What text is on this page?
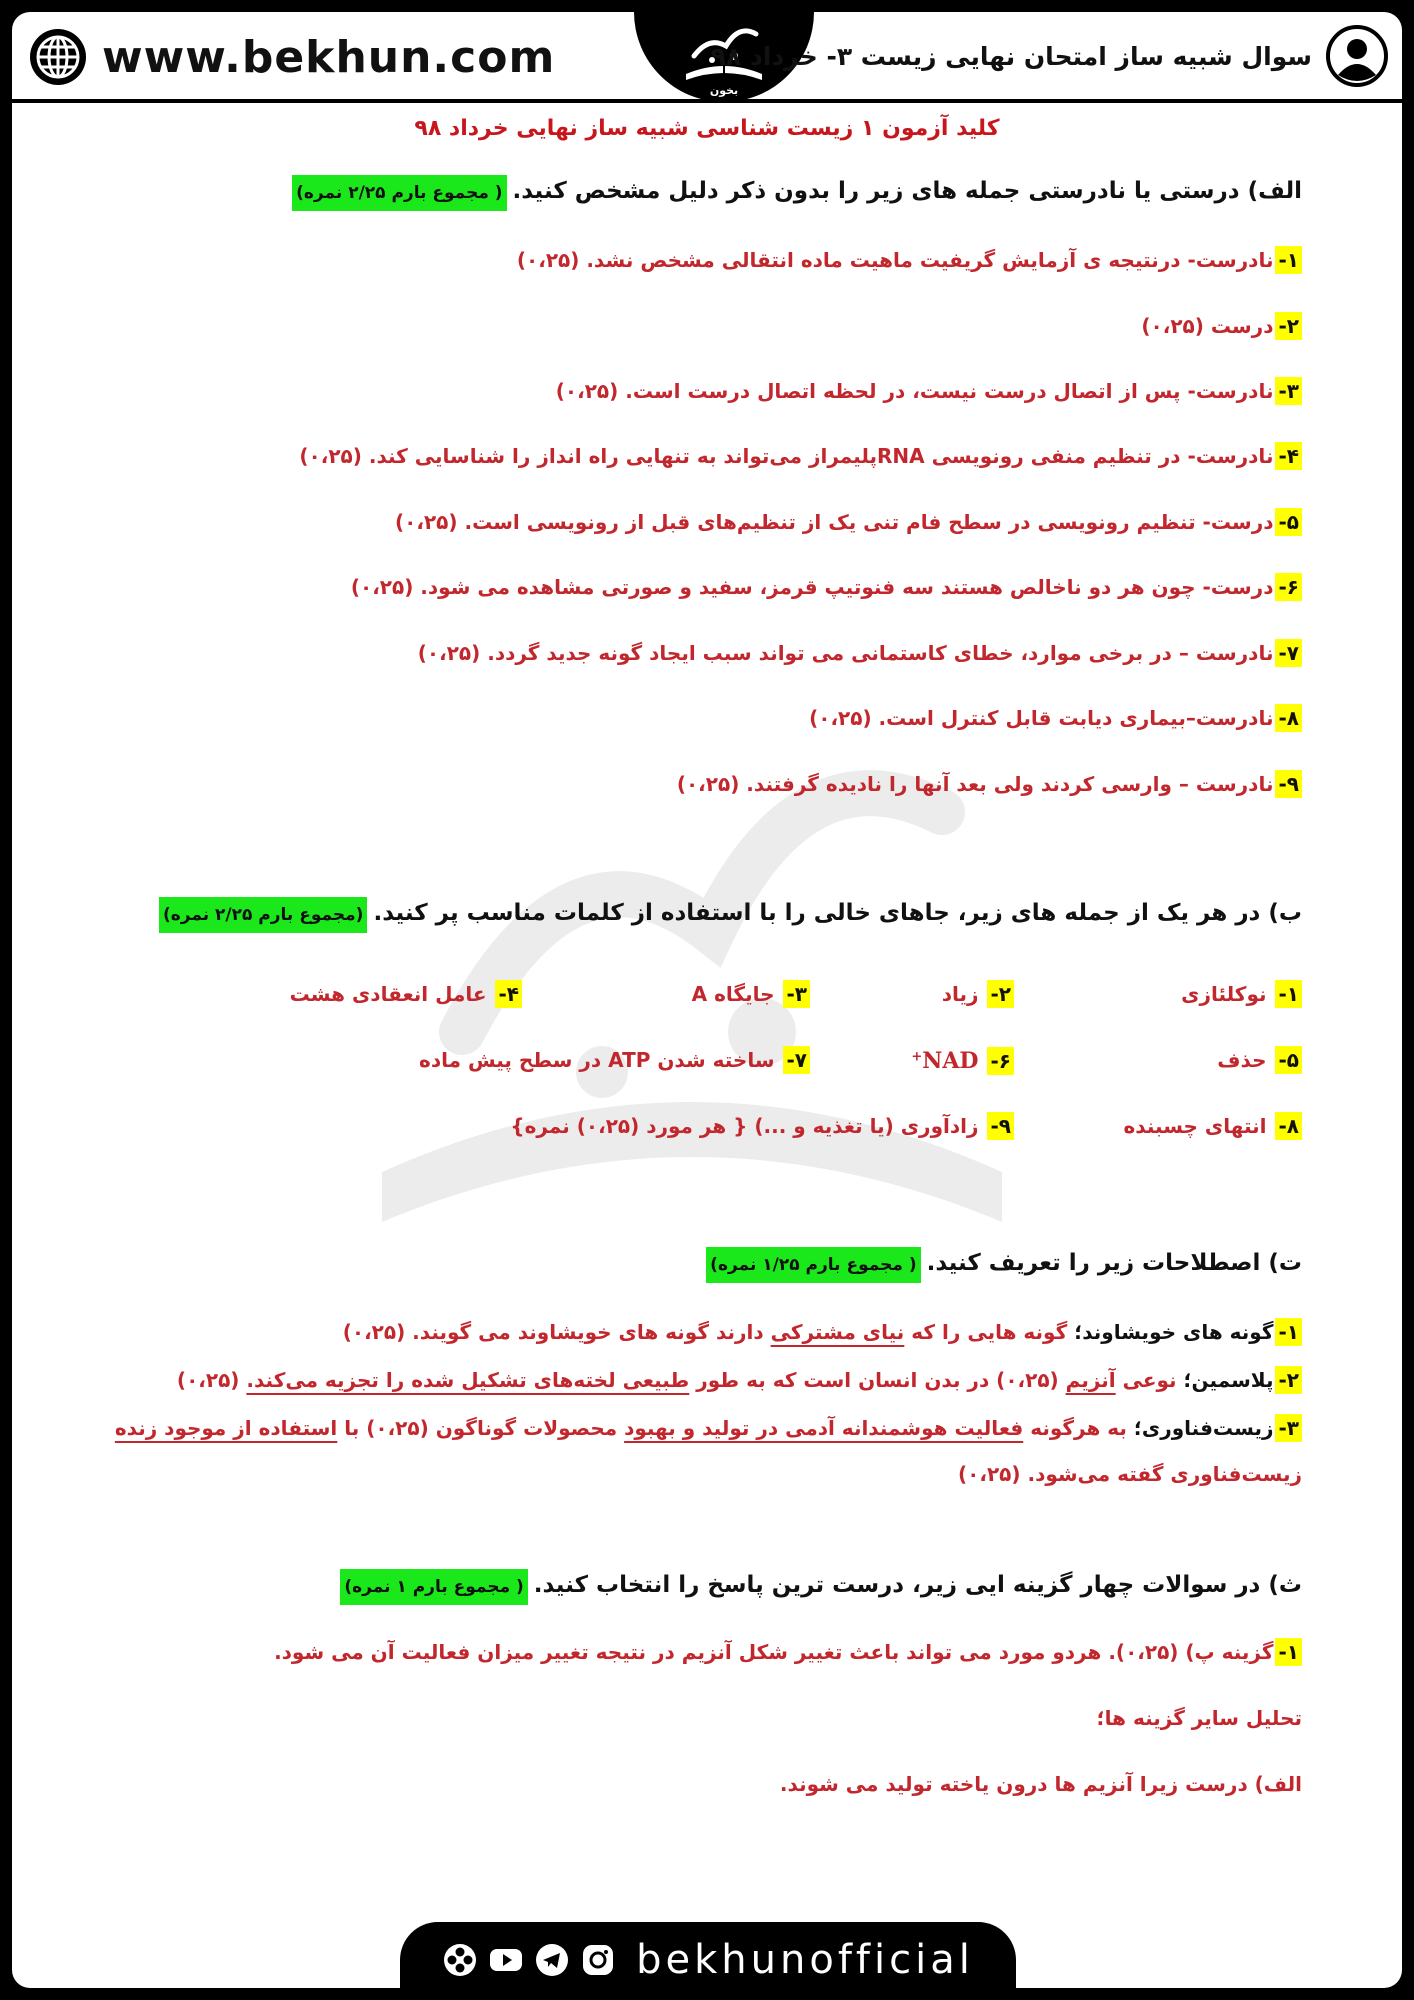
www.bekhun.com
بخون
سوال شبیه ساز امتحان نهایی زیست ۳- خرداد ۹۸
کلید آزمون ۱ زیست شناسی شبیه ساز نهایی خرداد ۹۸
الف) درستی یا نادرستی جمله های زیر را بدون ذکر دلیل مشخص کنید.( مجموع بارم ۲/۲۵ نمره)
۱-نادرست- درنتیجه ی آزمایش گریفیت ماهیت ماده انتقالی مشخص نشد. (۰،۲۵)
۲-درست (۰،۲۵)
۳-نادرست- پس از اتصال درست نیست، در لحظه اتصال درست است. (۰،۲۵)
۴-نادرست- در تنظیم منفی رونویسی RNAپلیمراز می‌تواند به تنهایی راه انداز را شناسایی کند. (۰،۲۵)
۵-درست- تنظیم رونویسی در سطح فام تنی یک از تنظیم‌های قبل از رونویسی است. (۰،۲۵)
۶-درست- چون هر دو ناخالص هستند سه فنوتیپ قرمز، سفید و صورتی مشاهده می شود. (۰،۲۵)
۷-نادرست – در برخی موارد، خطای کاستمانی می تواند سبب ایجاد گونه جدید گردد. (۰،۲۵)
۸-نادرست–بیماری دیابت قابل کنترل است. (۰،۲۵)
۹-نادرست – وارسی کردند ولی بعد آنها را نادیده گرفتند. (۰،۲۵)
ب) در هر یک از جمله های زیر، جاهای خالی را با استفاده از کلمات مناسب پر کنید.(مجموع بارم ۲/۲۵ نمره)
۱- نوکلئازی
۲- زیاد
۳- جایگاه A
۴- عامل انعقادی هشت
۵- حذف
۶- NAD+
۷- ساخته شدن ATP در سطح پیش ماده
۸- انتهای چسبنده
۹- زادآوری (یا تغذیه و ...) { هر مورد (۰،۲۵) نمره}
ت) اصطلاحات زیر را تعریف کنید.( مجموع بارم ۱/۲۵ نمره)
۱-گونه های خویشاوند؛ گونه هایی را که نیای مشترکی دارند گونه های خویشاوند می گویند. (۰،۲۵)
۲-پلاسمین؛ نوعی آنزیم (۰،۲۵) در بدن انسان است که به طور طبیعی لخته‌های تشکیل شده را تجزیه می‌کند. (۰،۲۵)
۳-زیست‌فناوری؛ به هرگونه فعالیت هوشمندانه آدمی در تولید و بهبود محصولات گوناگون (۰،۲۵) با استفاده از موجود زنده
زیست‌فناوری گفته می‌شود. (۰،۲۵)
ث) در سوالات چهار گزینه ایی زیر، درست ترین پاسخ را انتخاب کنید.( مجموع بارم ۱ نمره)
۱-گزینه پ) (۰،۲۵). هردو مورد می تواند باعث تغییر شکل آنزیم در نتیجه تغییر میزان فعالیت آن می شود.
تحلیل سایر گزینه ها؛
الف) درست زیرا آنزیم ها درون یاخته تولید می شوند.
bekhunofficial
